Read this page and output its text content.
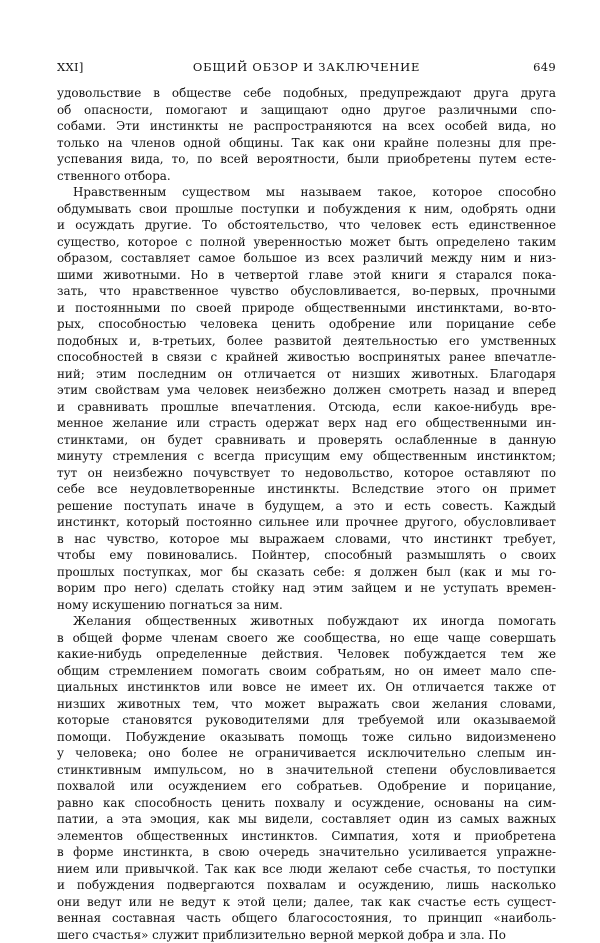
XXI]	ОБЩИЙ ОБЗОР И ЗАКЛЮЧЕНИЕ	649
удовольствие в обществе себе подобных, предупреждают друга друга
об опасности, помогают и защищают одно другое различными спо-
собами. Эти инстинкты не распространяются на всех особей вида, но
только на членов одной общины. Так как они крайне полезны для пре-
успевания вида, то, по всей вероятности, были приобретены путем есте-
ственного отбора.
Нравственным существом мы называем такое, которое способно
обдумывать свои прошлые поступки и побуждения к ним, одобрять одни
и осуждать другие. То обстоятельство, что человек есть единственное
существо, которое с полной уверенностью может быть определено таким
образом, составляет самое большое из всех различий между ним и низ-
шими животными. Но в четвертой главе этой книги я старался пока-
зать, что нравственное чувство обусловливается, во-первых, прочными
и постоянными по своей природе общественными инстинктами, во-вто-
рых, способностью человека ценить одобрение или порицание себе
подобных и, в-третьих, более развитой деятельностью его умственных
способностей в связи с крайней живостью воспринятых ранее впечатле-
ний; этим последним он отличается от низших животных. Благодаря
этим свойствам ума человек неизбежно должен смотреть назад и вперед
и сравнивать прошлые впечатления. Отсюда, если какое-нибудь вре-
менное желание или страсть одержат верх над его общественными ин-
стинктами, он будет сравнивать и проверять ослабленные в данную
минуту стремления с всегда присущим ему общественным инстинктом;
тут он неизбежно почувствует то недовольство, которое оставляют по
себе все неудовлетворенные инстинкты. Вследствие этого он примет
решение поступать иначе в будущем, а это и есть совесть. Каждый
инстинкт, который постоянно сильнее или прочнее другого, обусловливает
в нас чувство, которое мы выражаем словами, что инстинкт требует,
чтобы ему повиновались. Пойнтер, способный размышлять о своих
прошлых поступках, мог бы сказать себе: я должен был (как и мы го-
ворим про него) сделать стойку над этим зайцем и не уступать времен-
ному искушению погнаться за ним.
Желания общественных животных побуждают их иногда помогать
в общей форме членам своего же сообщества, но еще чаще совершать
какие-нибудь определенные действия. Человек побуждается тем же
общим стремлением помогать своим собратьям, но он имеет мало спе-
циальных инстинктов или вовсе не имеет их. Он отличается также от
низших животных тем, что может выражать свои желания словами,
которые становятся руководителями для требуемой или оказываемой
помощи. Побуждение оказывать помощь тоже сильно видоизменено
у человека; оно более не ограничивается исключительно слепым ин-
стинктивным импульсом, но в значительной степени обусловливается
похвалой или осуждением его собратьев. Одобрение и порицание,
равно как способность ценить похвалу и осуждение, основаны на сим-
патии, а эта эмоция, как мы видели, составляет один из самых важных
элементов общественных инстинктов. Симпатия, хотя и приобретена
в форме инстинкта, в свою очередь значительно усиливается упражне-
нием или привычкой. Так как все люди желают себе счастья, то поступки
и побуждения подвергаются похвалам и осуждению, лишь насколько
они ведут или не ведут к этой цели; далее, так как счастье есть сущест-
венная составная часть общего благосостояния, то принцип «наиболь-
шего счастья» служит приблизительно верной меркой добра и зла. По
